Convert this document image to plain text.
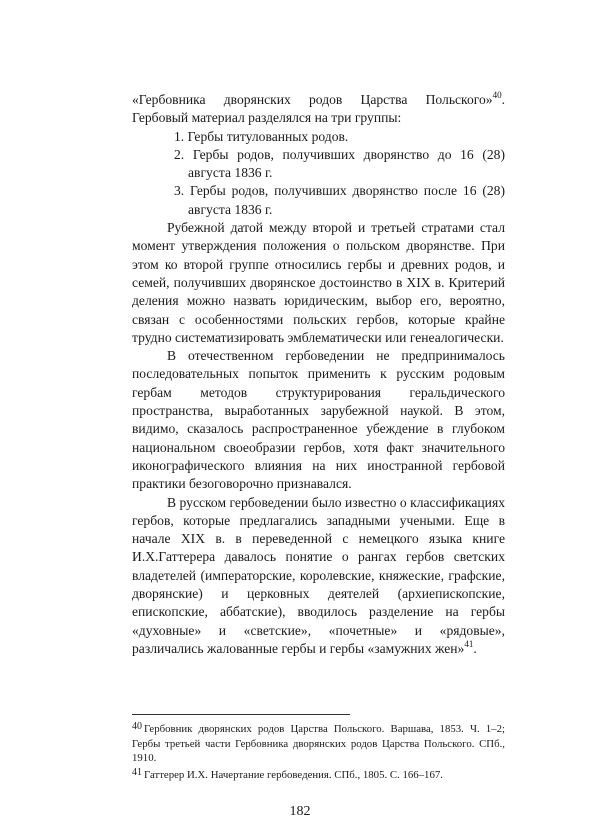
«Гербовника дворянских родов Царства Польского»$^{40}$. Гербовый материал разделялся на три группы:

1. Гербы титулованных родов.
2. Гербы родов, получивших дворянство до 16 (28) августа 1836 г.
3. Гербы родов, получивших дворянство после 16 (28) августа 1836 г.

Рубежной датой между второй и третьей стратами стал момент утверждения положения о польском дворянстве. При этом ко второй группе относились гербы и древних родов, и семей, получивших дворянское достоинство в XIX в. Критерий деления можно назвать юридическим, выбор его, вероятно, связан с особенностями польских гербов, которые крайне трудно систематизировать эмблематически или генеалогически.

В отечественном гербоведении не предпринималось последовательных попыток применить к русским родовым гербам методов структурирования геральдического пространства, выработанных зарубежной наукой. В этом, видимо, сказалось распространенное убеждение в глубоком национальном своеобразии гербов, хотя факт значительного иконографического влияния на них иностранной гербовой практики безоговорочно признавался.

В русском гербоведении было известно о классификациях гербов, которые предлагались западными учеными. Еще в начале XIX в. в переведенной с немецкого языка книге И.Х.Гаттерера давалось понятие о рангах гербов светских владетелей (императорские, королевские, княжеские, графские, дворянские) и церковных деятелей (архиепископские, епископские, аббатские), вводилось разделение на гербы «духовные» и «светские», «почетные» и «рядовые», различались жалованные гербы и гербы «замужних жен»$^{41}$.

40 Гербовник дворянских родов Царства Польского. Варшава, 1853. Ч. 1–2; Гербы третьей части Гербовника дворянских родов Царства Польского. СПб., 1910.

41 Гаттерер И.Х. Начертание гербоведения. СПб., 1805. С. 166–167.

182
